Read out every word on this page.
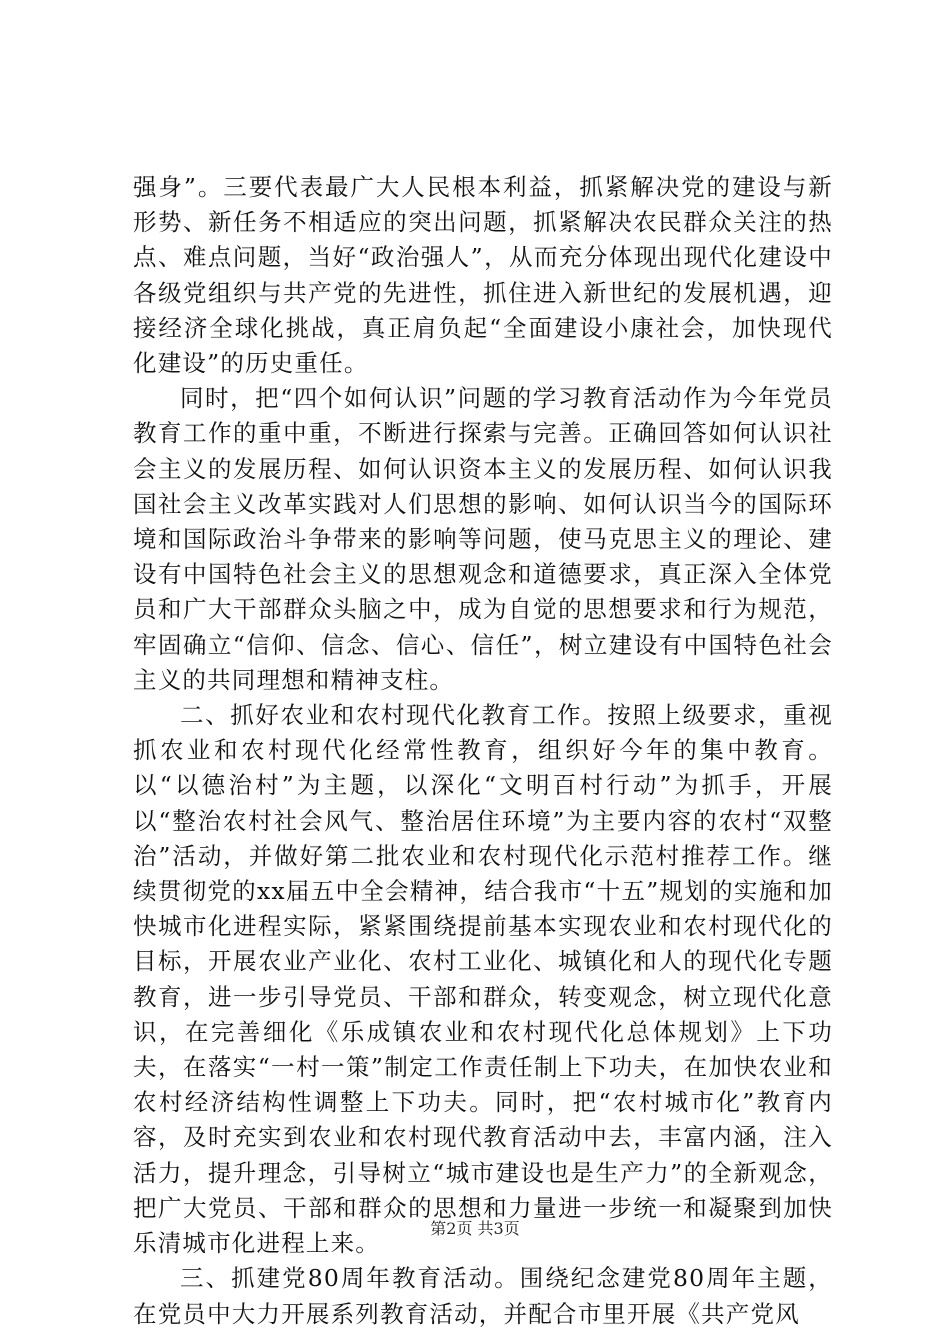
强身”。三要代表最广大人民根本利益，抓紧解决党的建设与新形势、新任务不相适应的突出问题，抓紧解决农民群众关注的热点、难点问题，当好“政治强人”，从而充分体现出现代化建设中各级党组织与共产党的先进性，抓住进入新世纪的发展机遇，迎接经济全球化挑战，真正肩负起“全面建设小康社会，加快现代化建设”的历史重任。

同时，把“四个如何认识”问题的学习教育活动作为今年党员教育工作的重中重，不断进行探索与完善。正确回答如何认识社会主义的发展历程、如何认识资本主义的发展历程、如何认识我国社会主义改革实践对人们思想的影响、如何认识当今的国际环境和国际政治斗争带来的影响等问题，使马克思主义的理论、建设有中国特色社会主义的思想观念和道德要求，真正深入全体党员和广大干部群众头脑之中，成为自觉的思想要求和行为规范，牢固确立“信仰、信念、信心、信任”，树立建设有中国特色社会主义的共同理想和精神支柱。

二、抓好农业和农村现代化教育工作。按照上级要求，重视抓农业和农村现代化经常性教育，组织好今年的集中教育。以“以德治村”为主题，以深化“文明百村行动”为抓手，开展以“整治农村社会风气、整治居住环境”为主要内容的农村“双整治”活动，并做好第二批农业和农村现代化示范村推荐工作。继续贯彻党的xx届五中全会精神，结合我市“十五”规划的实施和加快城市化进程实际，紧紧围绕提前基本实现农业和农村现代化的目标，开展农业产业化、农村工业化、城镇化和人的现代化专题教育，进一步引导党员、干部和群众，转变观念，树立现代化意识，在完善细化《乐成镇农业和农村现代化总体规划》上下功夫，在落实“一村一策”制定工作责任制上下功夫，在加快农业和农村经济结构性调整上下功夫。同时，把“农村城市化”教育内容，及时充实到农业和农村现代教育活动中去，丰富内涵，注入活力，提升理念，引导树立“城市建设也是生产力”的全新观念，把广大党员、干部和群众的思想和力量进一步统一和凝聚到加快乐清城市化进程上来。

三、抓建党80周年教育活动。围绕纪念建党80周年主题，在党员中大力开展系列教育活动，并配合市里开展《共产党风

第2页 共3页
